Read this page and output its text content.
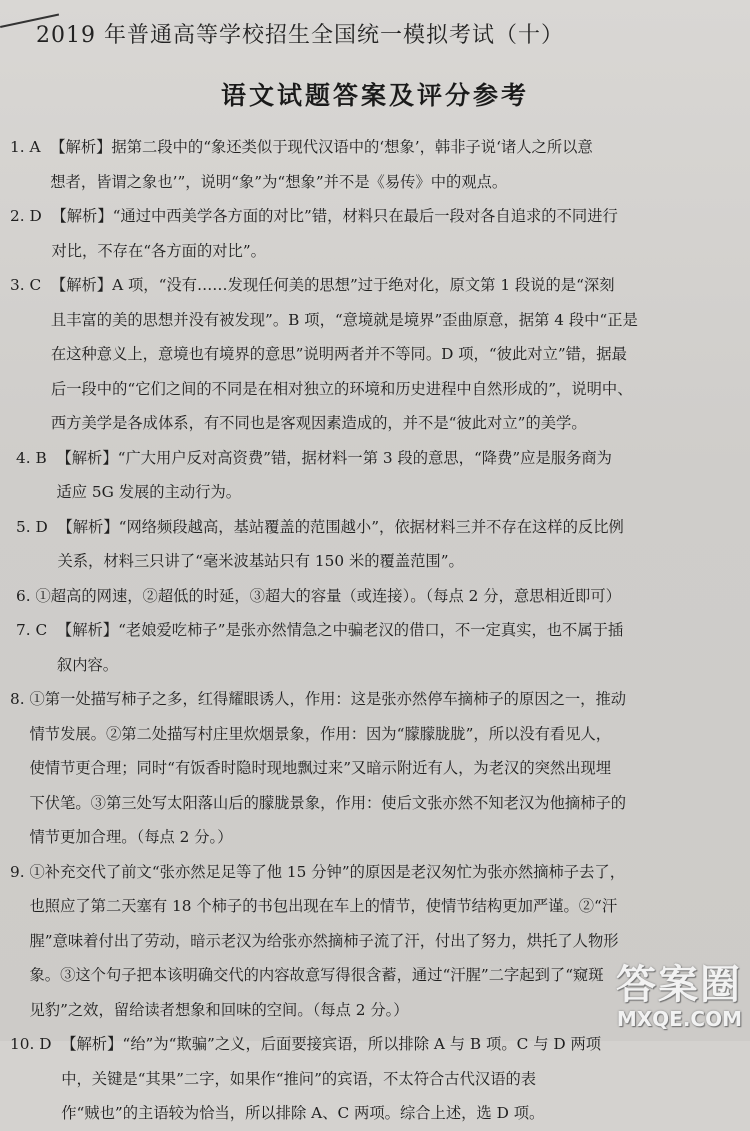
2019 年普通高等学校招生全国统一模拟考试（十）
语文试题答案及评分参考
1. A 【解析】据第二段中的“象还类似于现代汉语中的‘想象’，韩非子说‘诸人之所以意
想者，皆谓之象也’”，说明“象”为“想象”并不是《易传》中的观点。
2. D 【解析】“通过中西美学各方面的对比”错，材料只在最后一段对各自追求的不同进行
对比，不存在“各方面的对比”。
3. C 【解析】A 项，“没有……发现任何美的思想”过于绝对化，原文第 1 段说的是“深刻
且丰富的美的思想并没有被发现”。B 项，“意境就是境界”歪曲原意，据第 4 段中“正是
在这种意义上，意境也有境界的意思”说明两者并不等同。D 项，“彼此对立”错，据最
后一段中的“它们之间的不同是在相对独立的环境和历史进程中自然形成的”，说明中、
西方美学是各成体系，有不同也是客观因素造成的，并不是“彼此对立”的美学。
4. B 【解析】“广大用户反对高资费”错，据材料一第 3 段的意思，“降费”应是服务商为
适应 5G 发展的主动行为。
5. D 【解析】“网络频段越高，基站覆盖的范围越小”，依据材料三并不存在这样的反比例
关系，材料三只讲了“毫米波基站只有 150 米的覆盖范围”。
6. ①超高的网速，②超低的时延，③超大的容量（或连接）。（每点 2 分，意思相近即可）
7. C 【解析】“老娘爱吃柿子”是张亦然情急之中骗老汉的借口，不一定真实，也不属于插
叙内容。
8. ①第一处描写柿子之多，红得耀眼诱人，作用：这是张亦然停车摘柿子的原因之一，推动
情节发展。②第二处描写村庄里炊烟景象，作用：因为“朦朦胧胧”，所以没有看见人，
使情节更合理；同时“有饭香时隐时现地飘过来”又暗示附近有人，为老汉的突然出现埋
下伏笔。③第三处写太阳落山后的朦胧景象，作用：使后文张亦然不知老汉为他摘柿子的
情节更加合理。（每点 2 分。）
9. ①补充交代了前文“张亦然足足等了他 15 分钟”的原因是老汉匆忙为张亦然摘柿子去了，
也照应了第二天塞有 18 个柿子的书包出现在车上的情节，使情节结构更加严谨。②“汗
腥”意味着付出了劳动，暗示老汉为给张亦然摘柿子流了汗，付出了努力，烘托了人物形
象。③这个句子把本该明确交代的内容故意写得很含蓄，通过“汗腥”二字起到了“窥斑
见豹”之效，留给读者想象和回味的空间。（每点 2 分。）
10. D 【解析】“绐”为“欺骗”之义，后面要接宾语，所以排除 A 与 B 项。C 与 D 两项
中，关键是“其果”二字，如果作“推问”的宾语，不太符合古代汉语的表
作“贼也”的主语较为恰当，所以排除 A、C 两项。综合上述，选 D 项。
答案圈
MXQE.COM
